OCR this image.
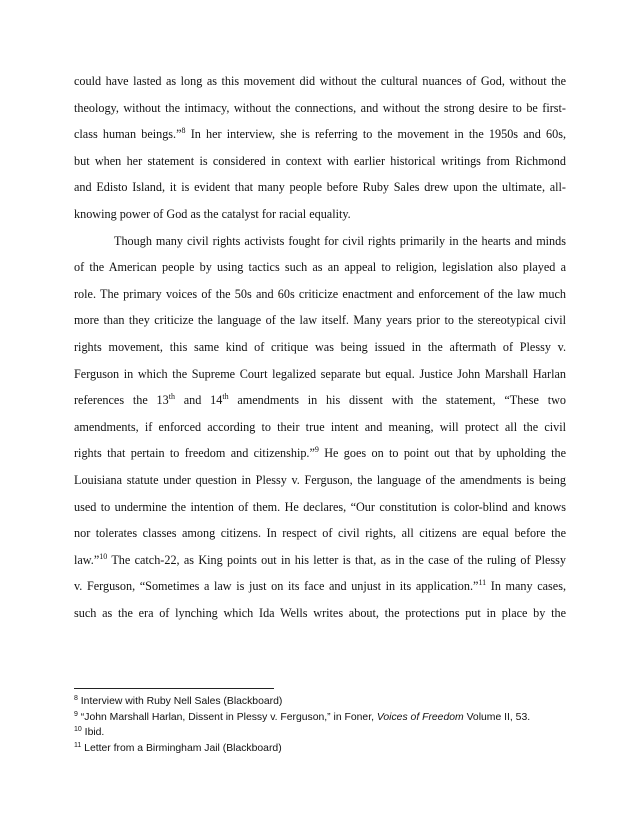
could have lasted as long as this movement did without the cultural nuances of God, without the
theology, without the intimacy, without the connections, and without the strong desire to be first-
class human beings.”$^8$ In her interview, she is referring to the movement in the 1950s and 60s,
but when her statement is considered in context with earlier historical writings from Richmond
and Edisto Island, it is evident that many people before Ruby Sales drew upon the ultimate, all-
knowing power of God as the catalyst for racial equality.
Though many civil rights activists fought for civil rights primarily in the hearts and minds
of the American people by using tactics such as an appeal to religion, legislation also played a
role. The primary voices of the 50s and 60s criticize enactment and enforcement of the law much
more than they criticize the language of the law itself. Many years prior to the stereotypical civil
rights movement, this same kind of critique was being issued in the aftermath of Plessy v.
Ferguson in which the Supreme Court legalized separate but equal. Justice John Marshall Harlan
references the 13th and 14th amendments in his dissent with the statement, “These two
amendments, if enforced according to their true intent and meaning, will protect all the civil
rights that pertain to freedom and citizenship.”$^9$ He goes on to point out that by upholding the
Louisiana statute under question in Plessy v. Ferguson, the language of the amendments is being
used to undermine the intention of them. He declares, “Our constitution is color-blind and knows
nor tolerates classes among citizens. In respect of civil rights, all citizens are equal before the
law.”$^{10}$ The catch-22, as King points out in his letter is that, as in the case of the ruling of Plessy
v. Ferguson, “Sometimes a law is just on its face and unjust in its application.”$^{11}$ In many cases,
such as the era of lynching which Ida Wells writes about, the protections put in place by the
$^8$ Interview with Ruby Nell Sales (Blackboard)
$^9$ “John Marshall Harlan, Dissent in Plessy v. Ferguson,” in Foner, Voices of Freedom Volume II, 53.
$^{10}$ Ibid.
$^{11}$ Letter from a Birmingham Jail (Blackboard)
